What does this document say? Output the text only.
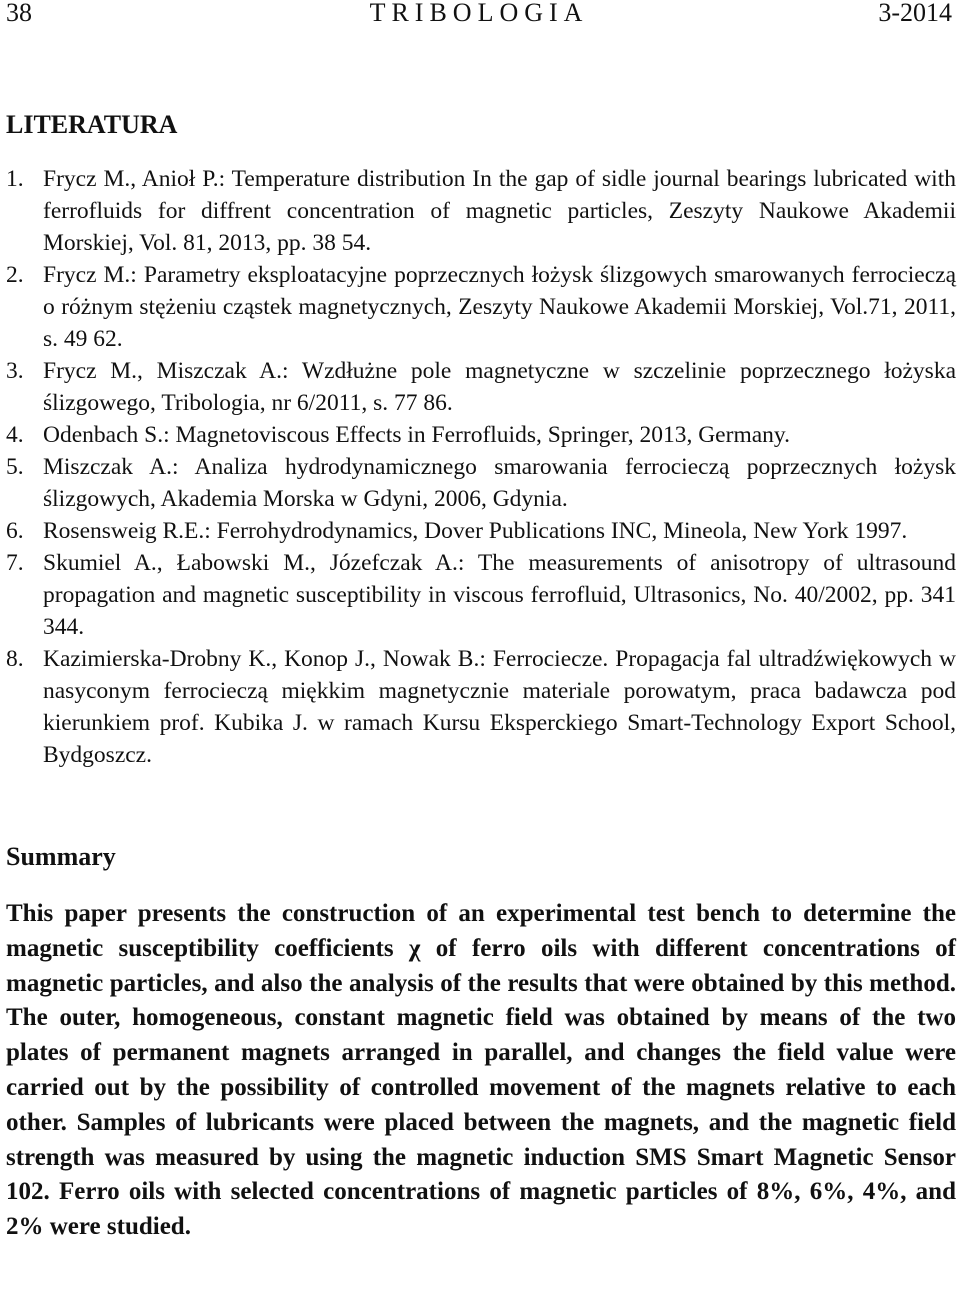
38	TRIBOLOGIA	3-2014
LITERATURA
1. Frycz M., Anioł P.: Temperature distribution In the gap of sidle journal bearings lubricated with ferrofluids for diffrent concentration of magnetic particles, Zeszyty Naukowe Akademii Morskiej, Vol. 81, 2013, pp. 38 54.
2. Frycz M.: Parametry eksploatacyjne poprzecznych łożysk ślizgowych smarowanych ferrocieczą o różnym stężeniu cząstek magnetycznych, Zeszyty Naukowe Akademii Morskiej, Vol.71, 2011, s. 49 62.
3. Frycz M., Miszczak A.: Wzdłużne pole magnetyczne w szczelinie poprzecznego łożyska ślizgowego, Tribologia, nr 6/2011, s. 77 86.
4. Odenbach S.: Magnetoviscous Effects in Ferrofluids, Springer, 2013, Germany.
5. Miszczak A.: Analiza hydrodynamicznego smarowania ferrocieczą poprzecznych łożysk ślizgowych, Akademia Morska w Gdyni, 2006, Gdynia.
6. Rosensweig R.E.: Ferrohydrodynamics, Dover Publications INC, Mineola, New York 1997.
7. Skumiel A., Łabowski M., Józefczak A.: The measurements of anisotropy of ultrasound propagation and magnetic susceptibility in viscous ferrofluid, Ultrasonics, No. 40/2002, pp. 341 344.
8. Kazimierska-Drobny K., Konop J., Nowak B.: Ferrociecze. Propagacja fal ultradźwiękowych w nasyconym ferrocieczą miękkim magnetycznie materiale porowatym, praca badawcza pod kierunkiem prof. Kubika J. w ramach Kursu Eksperckiego Smart-Technology Export School, Bydgoszcz.
Summary

This paper presents the construction of an experimental test bench to determine the magnetic susceptibility coefficients χ of ferro oils with different concentrations of magnetic particles, and also the analysis of the results that were obtained by this method. The outer, homogeneous, constant magnetic field was obtained by means of the two plates of permanent magnets arranged in parallel, and changes the field value were carried out by the possibility of controlled movement of the magnets relative to each other. Samples of lubricants were placed between the magnets, and the magnetic field strength was measured by using the magnetic induction SMS Smart Magnetic Sensor 102. Ferro oils with selected concentrations of magnetic particles of 8%, 6%, 4%, and 2% were studied.
